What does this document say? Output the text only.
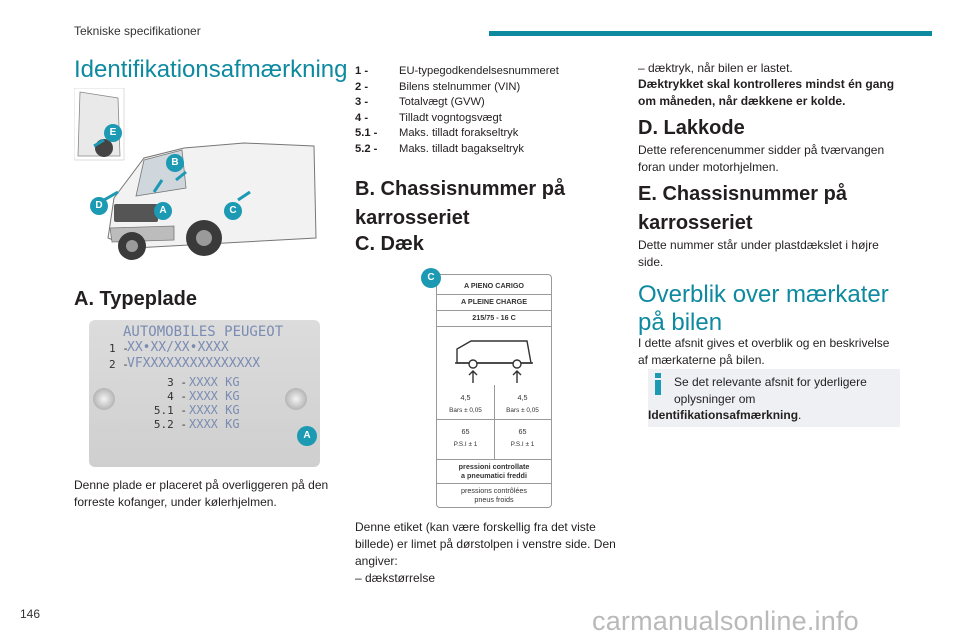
Tekniske specifikationer
Identifikationsafmærkning
E
B
D	A	C
A. Typeplade
AUTOMOBILES PEUGEOT
1 -
XX•XX/XX•XXXX
2 -
VFXXXXXXXXXXXXXXX
3 - XXXX KG
4 - XXXX KG
5.1 - XXXX KG
5.2 - XXXX KG
A

Denne plade er placeret på overliggeren på den forreste kofanger, under kølerhjelmen.

1 -	EU-typegodkendelsesnummeret
2 -	Bilens stelnummer (VIN)
3 -	Totalvægt (GVW)
4 -	Tilladt vogntogsvægt
5.1 -	Maks. tilladt forakseltryk
5.2 -	Maks. tilladt bagakseltryk
B. Chassisnummer på karrosseriet
C. Dæk
A PIENO CARIGO
A PLEINE CHARGE
215/75 - 16 C
4,5	4,5
Bars ± 0,05	Bars ± 0,05
65	65
P.S.I ± 1	P.S.I ± 1
pressioni controllate
a pneumatici freddi
pressions contrôlées
pneus froids
C

Denne etiket (kan være forskellig fra det viste billede) er limet på dørstolpen i venstre side. Den angiver:

– dækstørrelse

– dæktryk, når bilen er lastet.

Dæktrykket skal kontrolleres mindst én gang om måneden, når dækkene er kolde.

D. Lakkode

Dette referencenummer sidder på tværvangen foran under motorhjelmen.

E. Chassisnummer på karrosseriet

Dette nummer står under plastdækslet i højre side.

Overblik over mærkater på bilen

I dette afsnit gives et overblik og en beskrivelse af mærkaterne på bilen.

Se det relevante afsnit for yderligere oplysninger om
Identifikationsafmærkning.
146	carmanualsonline.info
